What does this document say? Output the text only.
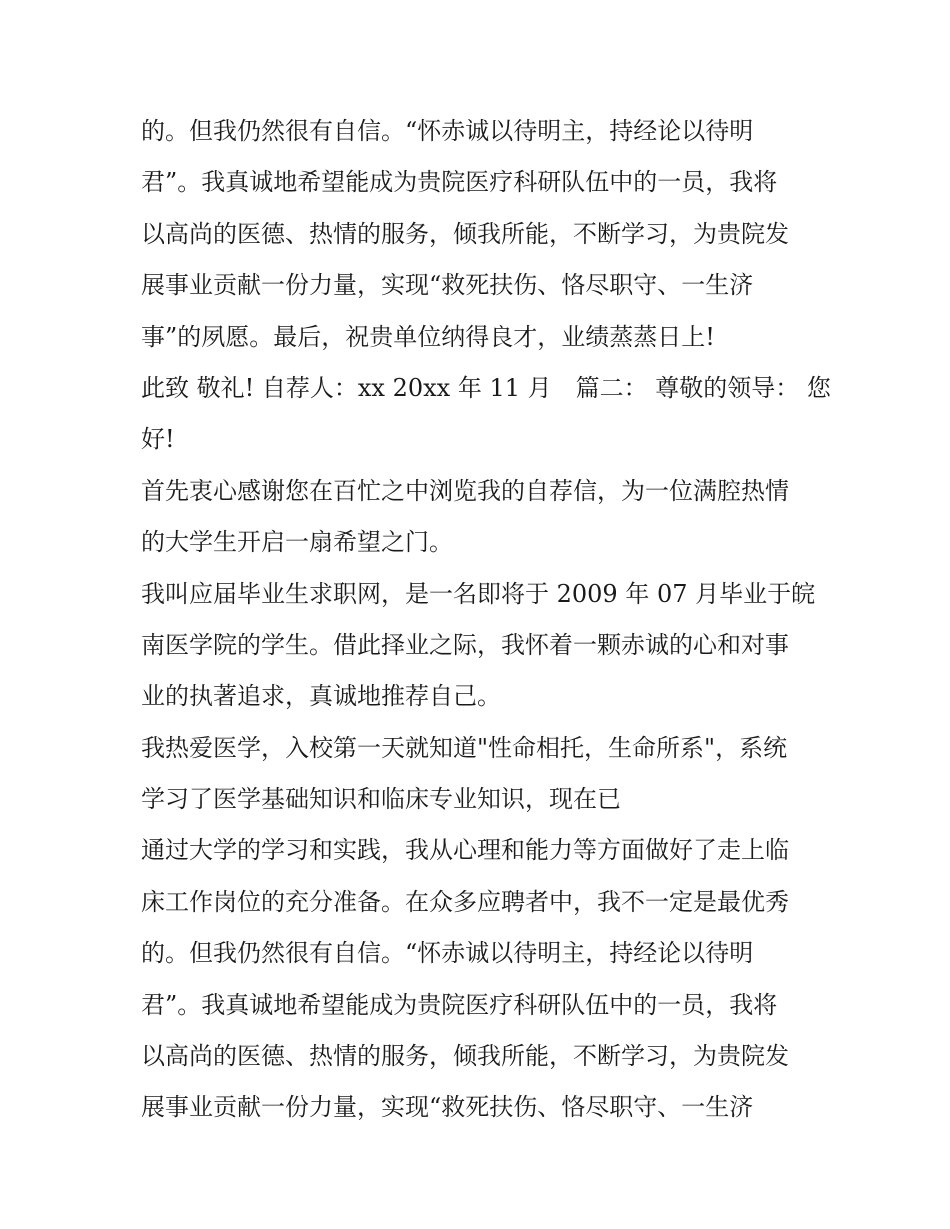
的。但我仍然很有自信。“怀赤诚以待明主，持经论以待明
君”。我真诚地希望能成为贵院医疗科研队伍中的一员，我将
以高尚的医德、热情的服务，倾我所能，不断学习，为贵院发
展事业贡献一份力量，实现“救死扶伤、恪尽职守、一生济
事”的夙愿。最后，祝贵单位纳得良才，业绩蒸蒸日上!
此致 敬礼! 自荐人：xx 20xx 年 11 月　篇二： 尊敬的领导： 您
好!
首先衷心感谢您在百忙之中浏览我的自荐信，为一位满腔热情
的大学生开启一扇希望之门。
我叫应届毕业生求职网，是一名即将于 2009 年 07 月毕业于皖
南医学院的学生。借此择业之际，我怀着一颗赤诚的心和对事
业的执著追求，真诚地推荐自己。
我热爱医学，入校第一天就知道"性命相托，生命所系"，系统
学习了医学基础知识和临床专业知识，现在已
通过大学的学习和实践，我从心理和能力等方面做好了走上临
床工作岗位的充分准备。在众多应聘者中，我不一定是最优秀
的。但我仍然很有自信。“怀赤诚以待明主，持经论以待明
君”。我真诚地希望能成为贵院医疗科研队伍中的一员，我将
以高尚的医德、热情的服务，倾我所能，不断学习，为贵院发
展事业贡献一份力量，实现“救死扶伤、恪尽职守、一生济
